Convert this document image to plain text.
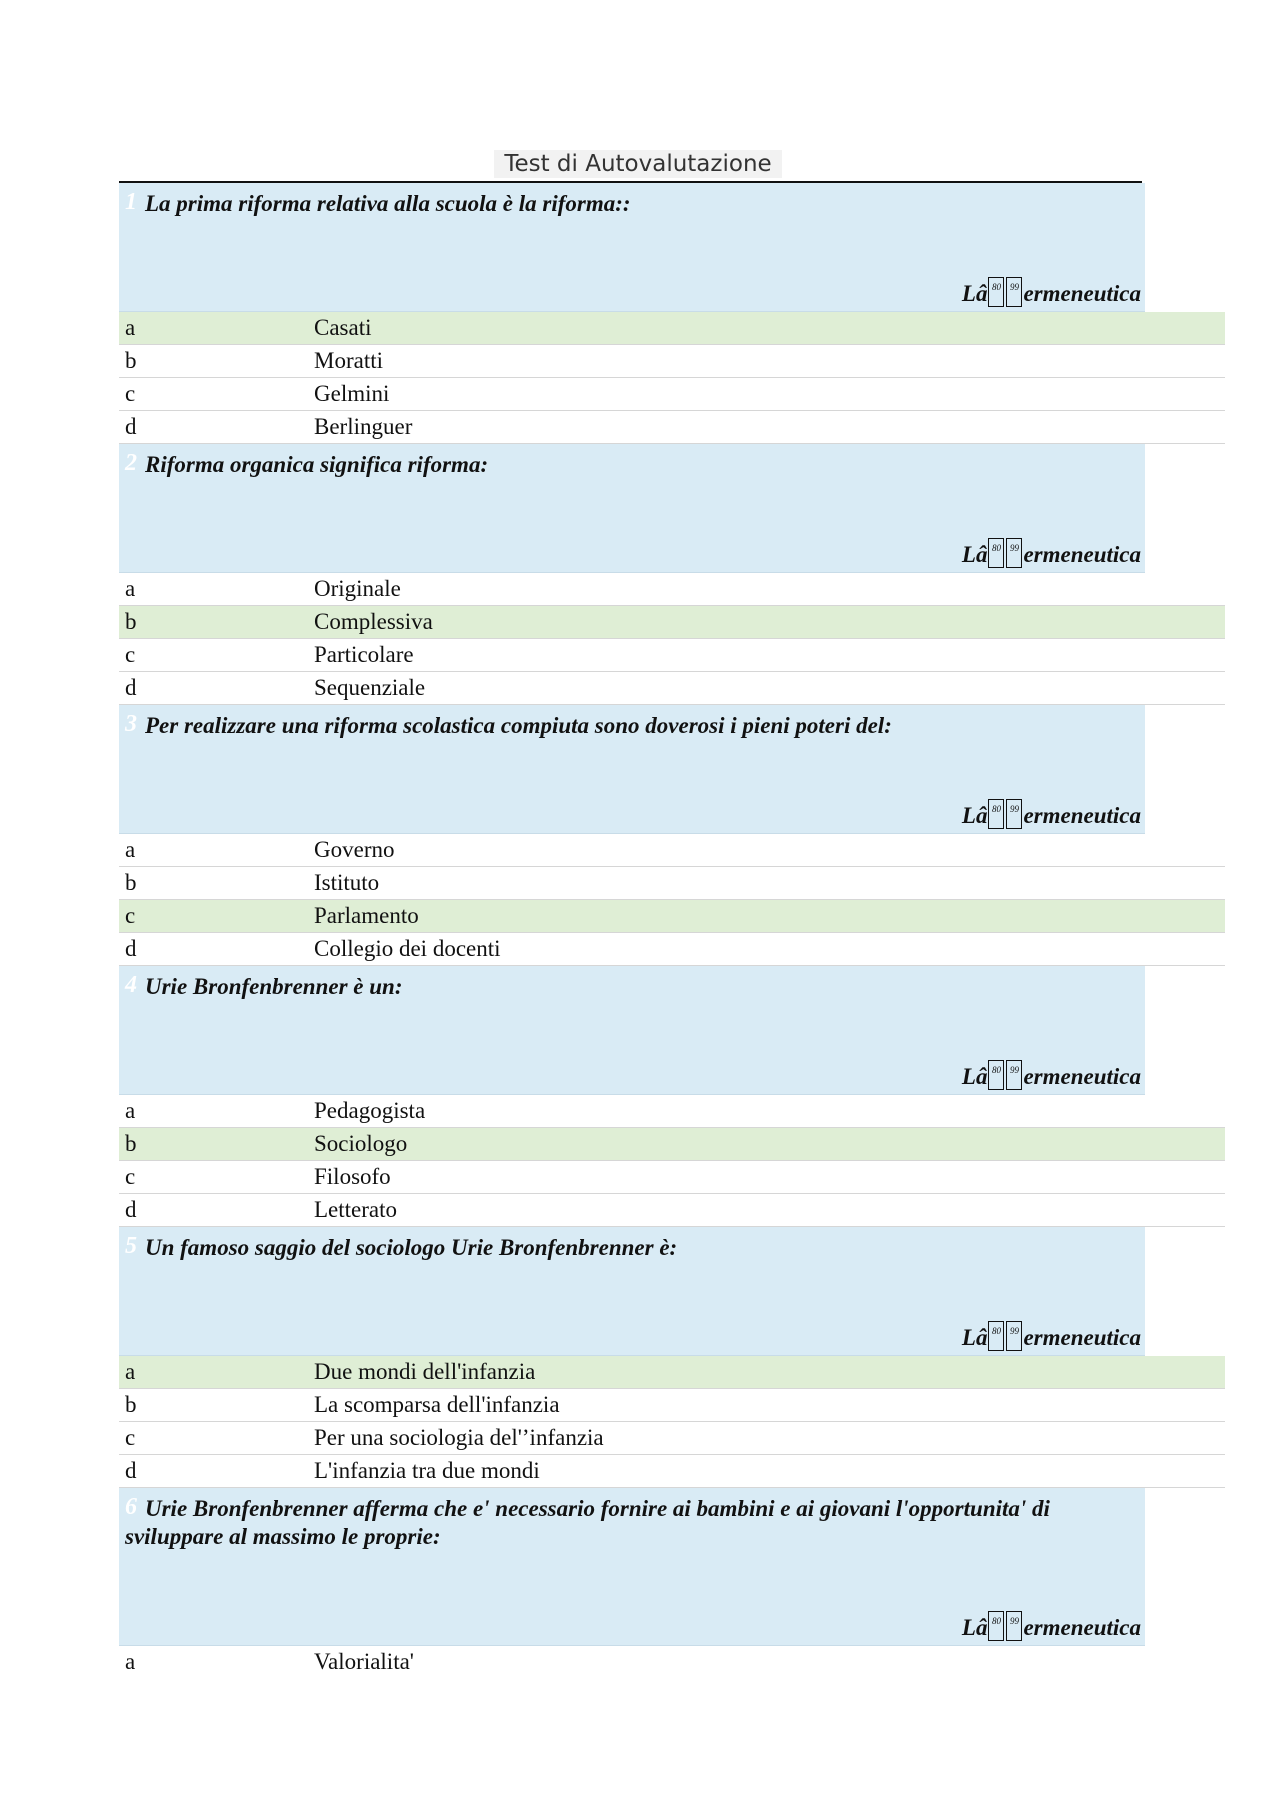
Test di Autovalutazione
1 La prima riforma relativa alla scuola è la riforma::
Lâ 80 99 ermeneutica
a	Casati
b	Moratti
c	Gelmini
d	Berlinguer
2 Riforma organica significa riforma:
Lâ 80 99 ermeneutica
a	Originale
b	Complessiva
c	Particolare
d	Sequenziale
3 Per realizzare una riforma scolastica compiuta sono doverosi i pieni poteri del:
Lâ 80 99 ermeneutica
a	Governo
b	Istituto
c	Parlamento
d	Collegio dei docenti
4 Urie Bronfenbrenner è un:
Lâ 80 99 ermeneutica
a	Pedagogista
b	Sociologo
c	Filosofo
d	Letterato
5 Un famoso saggio del sociologo Urie Bronfenbrenner è:
Lâ 80 99 ermeneutica
a	Due mondi dell'infanzia
b	La scomparsa dell'infanzia
c	Per una sociologia del'’infanzia
d	L'infanzia tra due mondi
6 Urie Bronfenbrenner afferma che e' necessario fornire ai bambini e ai giovani l'opportunita' di sviluppare al massimo le proprie:
Lâ 80 99 ermeneutica
a	Valorialita'
